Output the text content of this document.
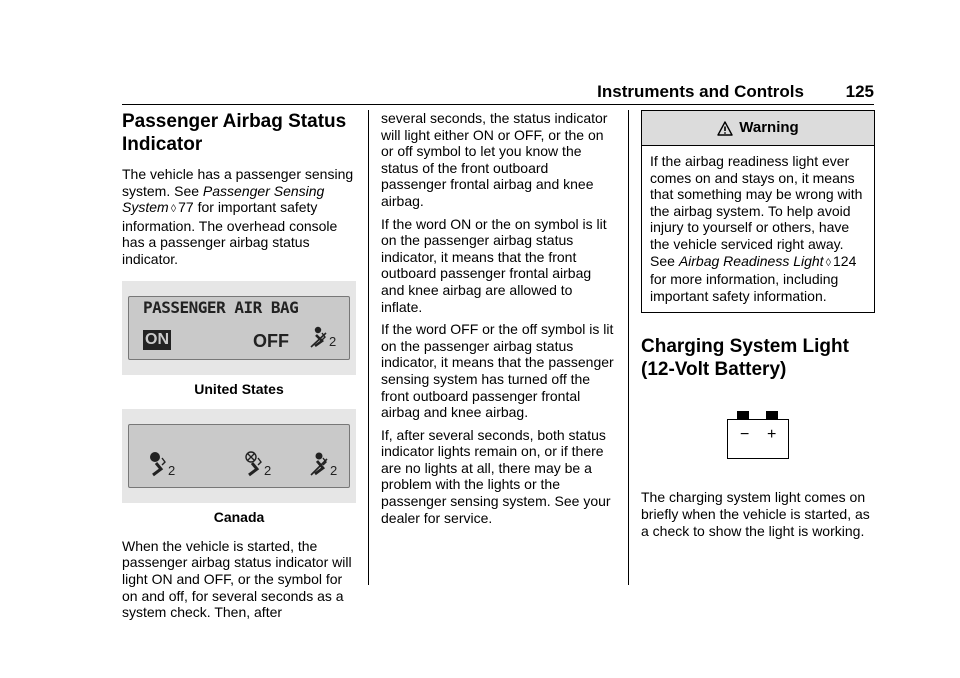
Instruments and Controls 125
Passenger Airbag Status Indicator

The vehicle has a passenger sensing system. See Passenger Sensing System ◊ 77 for important safety information. The overhead console has a passenger airbag status indicator.

PASSENGER AIR BAG
ON	OFF	2
United States
2	2	2
Canada

When the vehicle is started, the passenger airbag status indicator will light ON and OFF, or the symbol for on and off, for several seconds as a system check. Then, after

several seconds, the status indicator will light either ON or OFF, or the on or off symbol to let you know the status of the front outboard passenger frontal airbag and knee airbag.

If the word ON or the on symbol is lit on the passenger airbag status indicator, it means that the front outboard passenger frontal airbag and knee airbag are allowed to inflate.

If the word OFF or the off symbol is lit on the passenger airbag status indicator, it means that the passenger sensing system has turned off the front outboard passenger frontal airbag and knee airbag.

If, after several seconds, both status indicator lights remain on, or if there are no lights at all, there may be a problem with the lights or the passenger sensing system. See your dealer for service.

Warning

If the airbag readiness light ever comes on and stays on, it means that something may be wrong with the airbag system. To help avoid injury to yourself or others, have the vehicle serviced right away. See Airbag Readiness Light ◊ 124 for more information, including important safety information.

Charging System Light (12-Volt Battery)
− +

The charging system light comes on briefly when the vehicle is started, as a check to show the light is working.
